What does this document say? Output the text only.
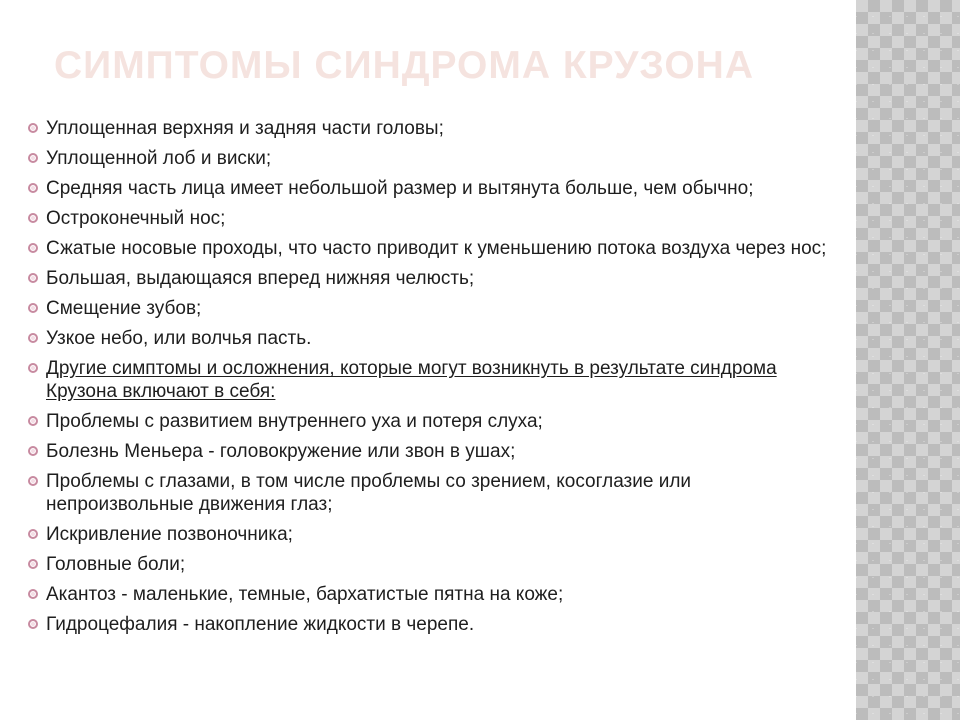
СИМПТОМЫ СИНДРОМА КРУЗОНА
Уплощенная верхняя и задняя части головы;
Уплощенной лоб и виски;
Средняя часть лица имеет небольшой размер и вытянута больше, чем обычно;
Остроконечный нос;
Сжатые носовые проходы, что часто приводит к уменьшению потока воздуха через нос;
Большая, выдающаяся вперед нижняя челюсть;
Смещение зубов;
Узкое небо, или волчья пасть.
Другие симптомы и осложнения, которые могут возникнуть в результате синдрома Крузона включают в себя:
Проблемы с развитием внутреннего уха и потеря слуха;
Болезнь Меньера - головокружение или звон в ушах;
Проблемы с глазами, в том числе проблемы со зрением, косоглазие или непроизвольные движения глаз;
Искривление позвоночника;
Головные боли;
Акантоз - маленькие, темные, бархатистые пятна на коже;
Гидроцефалия - накопление жидкости в черепе.
